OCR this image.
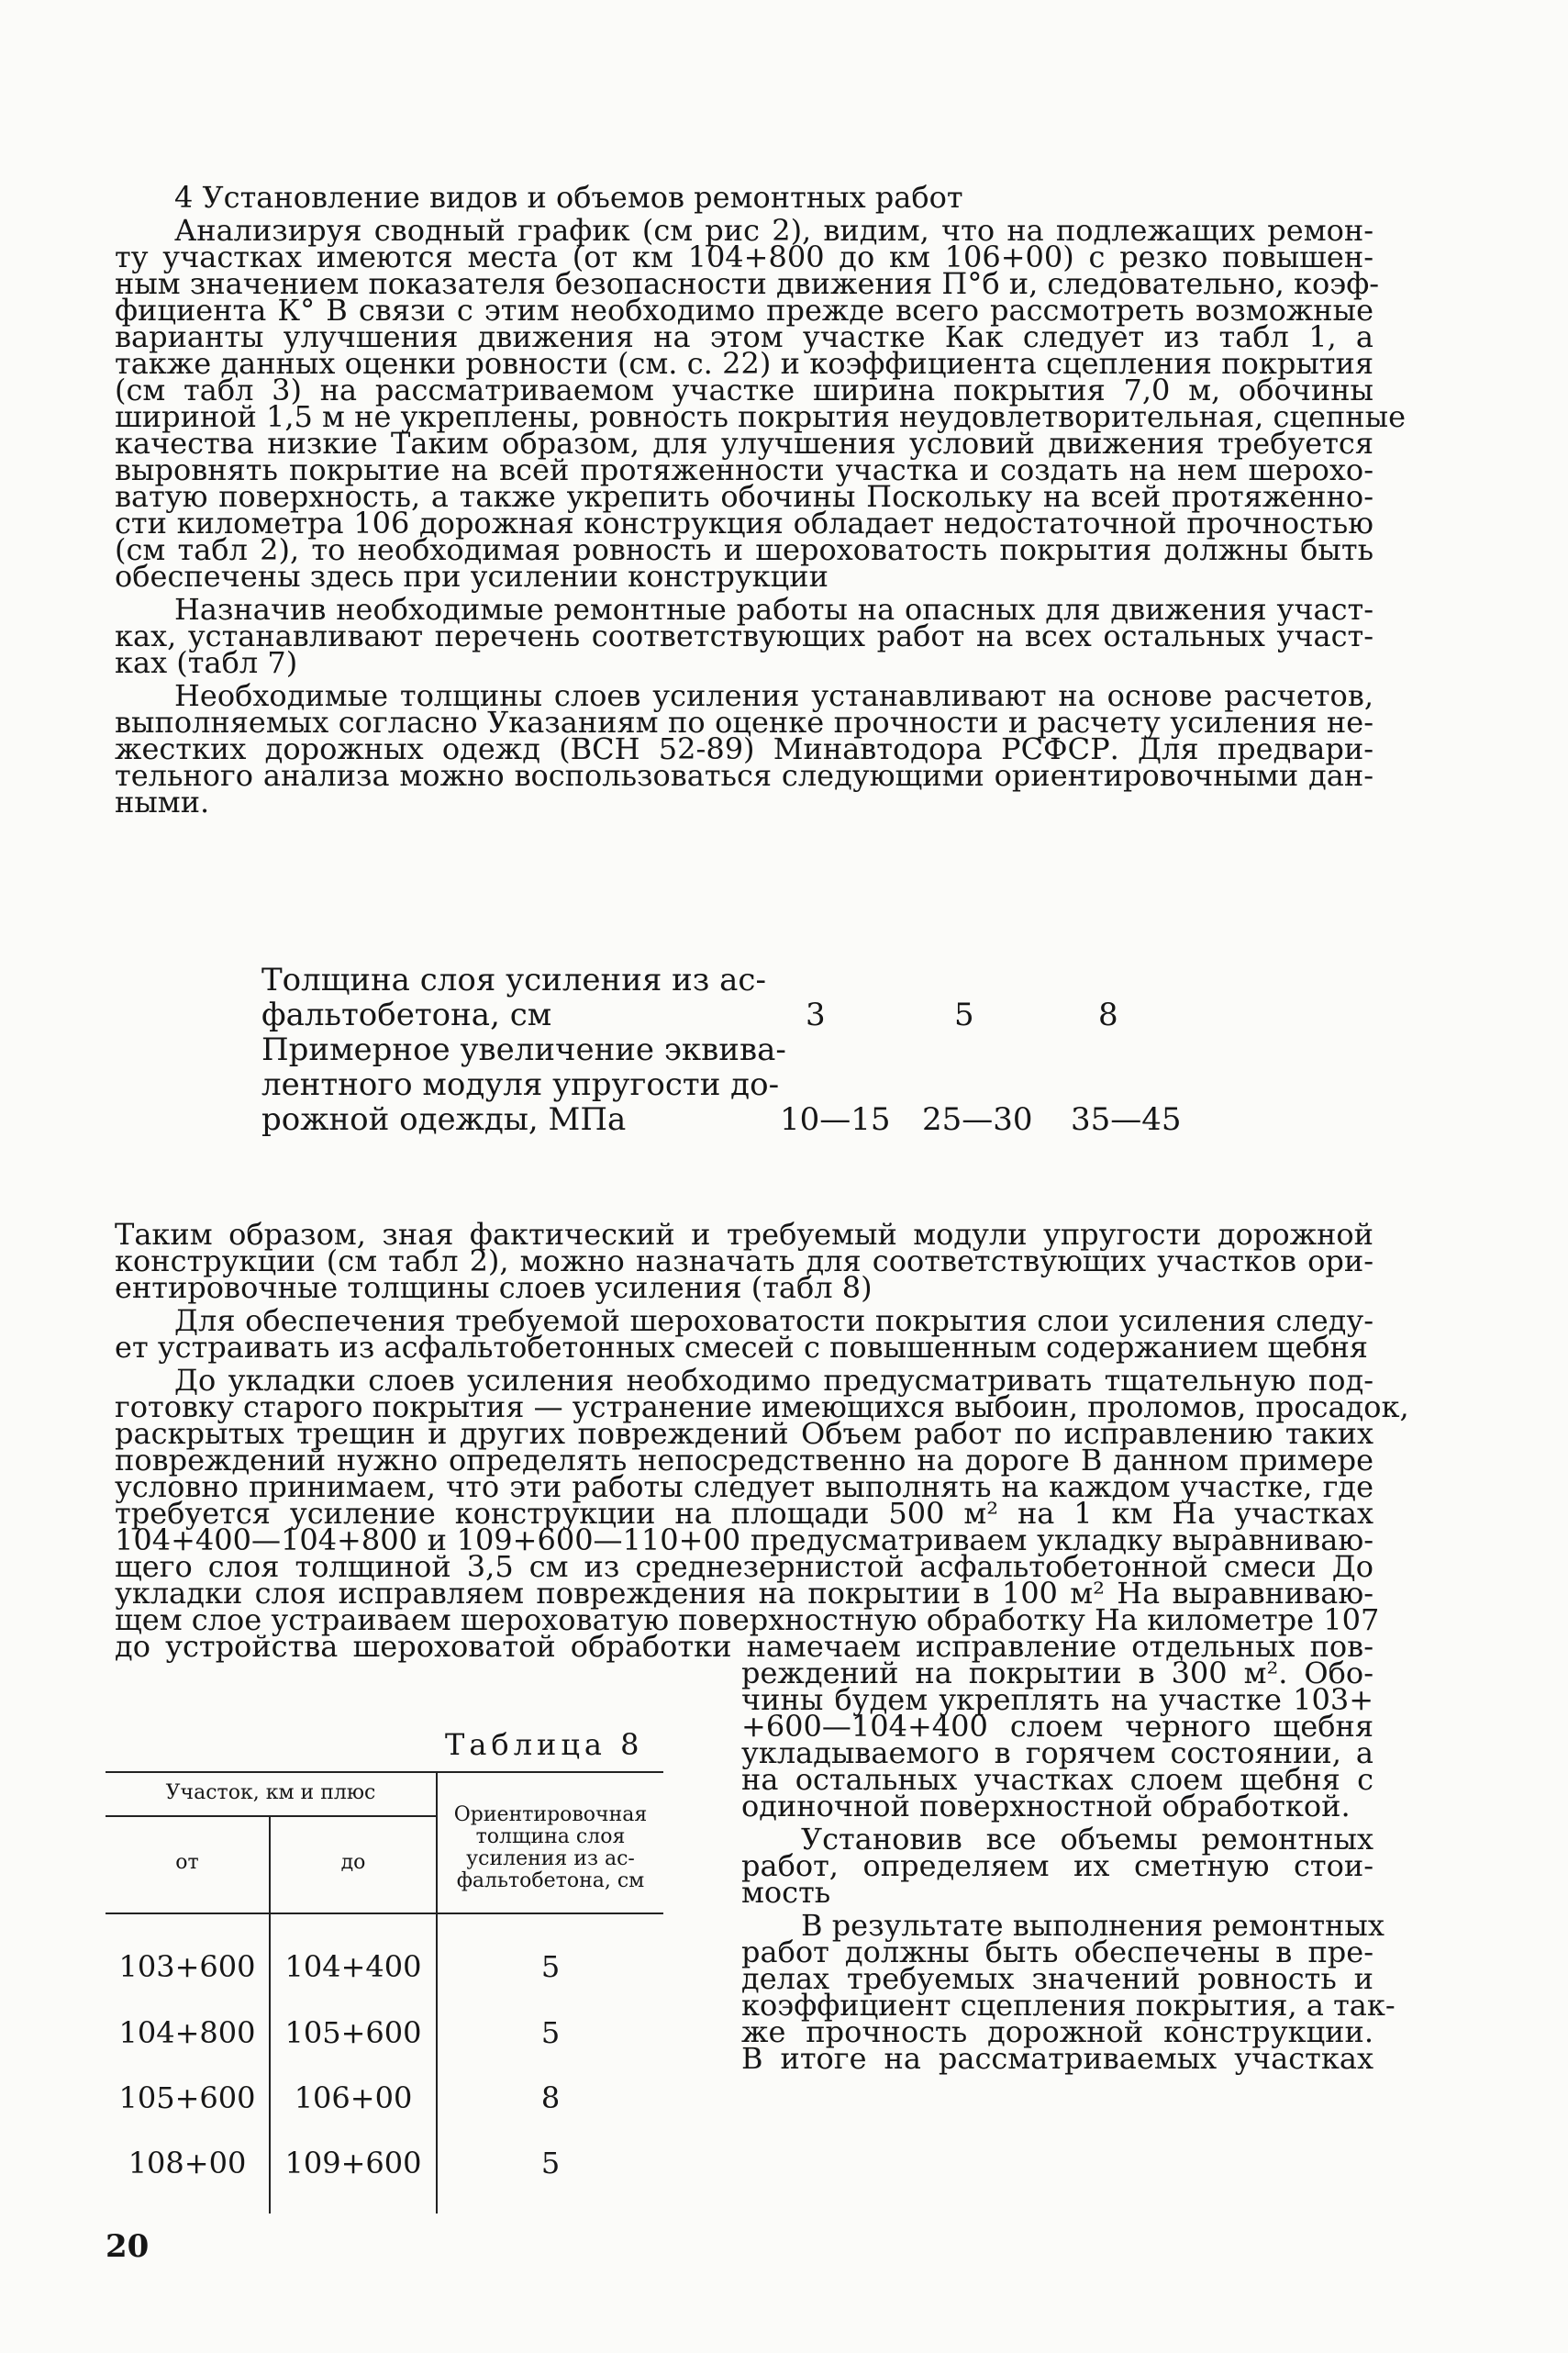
4 Установление видов и объемов ремонтных работ
Анализируя сводный график (см рис 2), видим, что на подлежащих ремон-
ту участках имеются места (от км 104+800 до км 106+00) с резко повышен-
ным значением показателя безопасности движения П°б и, следовательно, коэф-
фициента К° В связи с этим необходимо прежде всего рассмотреть возможные
варианты улучшения движения на этом участке Как следует из табл 1, а
также данных оценки ровности (см. с. 22) и коэффициента сцепления покрытия
(см табл 3) на рассматриваемом участке ширина покрытия 7,0 м, обочины
шириной 1,5 м не укреплены, ровность покрытия неудовлетворительная, сцепные
качества низкие Таким образом, для улучшения условий движения требуется
выровнять покрытие на всей протяженности участка и создать на нем шерохо-
ватую поверхность, а также укрепить обочины Поскольку на всей протяженно-
сти километра 106 дорожная конструкция обладает недостаточной прочностью
(см табл 2), то необходимая ровность и шероховатость покрытия должны быть
обеспечены здесь при усилении конструкции
Назначив необходимые ремонтные работы на опасных для движения участ-
ках, устанавливают перечень соответствующих работ на всех остальных участ-
ках (табл 7)
Необходимые толщины слоев усиления устанавливают на основе расчетов,
выполняемых согласно Указаниям по оценке прочности и расчету усиления не-
жестких дорожных одежд (ВСН 52-89) Минавтодора РСФСР. Для предвари-
тельного анализа можно воспользоваться следующими ориентировочными дан-
ными.
Таким образом, зная фактический и требуемый модули упругости дорожной
конструкции (см табл 2), можно назначать для соответствующих участков ори-
ентировочные толщины слоев усиления (табл 8)
Для обеспечения требуемой шероховатости покрытия слои усиления следу-
ет устраивать из асфальтобетонных смесей с повышенным содержанием щебня
До укладки слоев усиления необходимо предусматривать тщательную под-
готовку старого покрытия — устранение имеющихся выбоин, проломов, просадок,
раскрытых трещин и других повреждений Объем работ по исправлению таких
повреждений нужно определять непосредственно на дороге В данном примере
условно принимаем, что эти работы следует выполнять на каждом участке, где
требуется усиление конструкции на площади 500 м² на 1 км На участках
104+400—104+800 и 109+600—110+00 предусматриваем укладку выравниваю-
щего слоя толщиной 3,5 см из среднезернистой асфальтобетонной смеси До
укладки слоя исправляем повреждения на покрытии в 100 м² На выравниваю-
щем слое устраиваем шероховатую поверхностную обработку На километре 107
до устройства шероховатой обработки намечаем исправление отдельных пов-
реждений на покрытии в 300 м². Обо-
чины будем укреплять на участке 103+
+600—104+400 слоем черного щебня
укладываемого в горячем состоянии, а
на остальных участках слоем щебня с
одиночной поверхностной обработкой.
Установив все объемы ремонтных
работ, определяем их сметную стои-
мость
В результате выполнения ремонтных
работ должны быть обеспечены в пре-
делах требуемых значений ровность и
коэффициент сцепления покрытия, а так-
же прочность дорожной конструкции.
В итоге на рассматриваемых участках
Толщина слоя усиления из ас-
фальтобетона, см	3	5	8
Примерное увеличение эквива-
лентного модуля упругости до-
рожной одежды, МПа	10—15 25—30 35—45
Таблица 8
Участок, км и плюс
от	до
Ориентировочная
толщина слоя
усиления из ас-
фальтобетона, см
103+600	104+400	5
104+800	105+600	5
105+600	106+00	8
108+00	109+600	5
20
